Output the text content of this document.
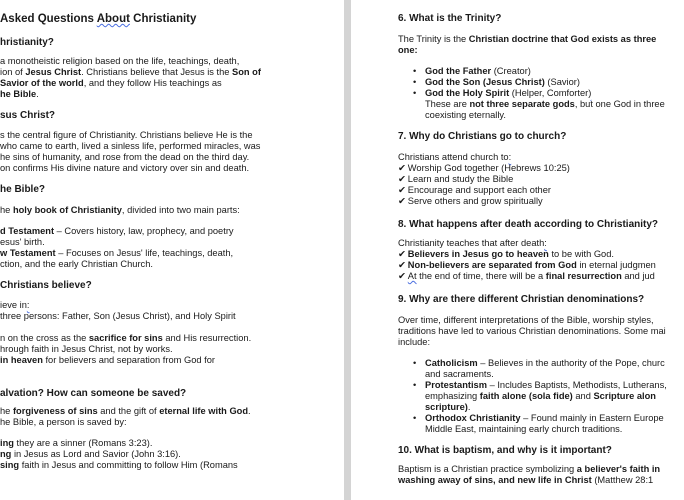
Asked Questions About Christianity
hristianity?
a monotheistic religion based on the life, teachings, death,
ion of Jesus Christ. Christians believe that Jesus is the Son of
Savior of the world, and they follow His teachings as
he Bible.
sus Christ?
s the central figure of Christianity. Christians believe He is the
who came to earth, lived a sinless life, performed miracles, was
he sins of humanity, and rose from the dead on the third day.
on confirms His divine nature and victory over sin and death.
he Bible?
he holy book of Christianity, divided into two main parts:
d Testament – Covers history, law, prophecy, and poetry
esus' birth.
w Testament – Focuses on Jesus' life, teachings, death,
ction, and the early Christian Church.
Christians believe?
ieve in:
three persons: Father, Son (Jesus Christ), and Holy Spirit
n on the cross as the sacrifice for sins and His resurrection.
hrough faith in Jesus Christ, not by works.
in heaven for believers and separation from God for
alvation? How can someone be saved?
he forgiveness of sins and the gift of eternal life with God.
he Bible, a person is saved by:
ing they are a sinner (Romans 3:23).
ng in Jesus as Lord and Savior (John 3:16).
sing faith in Jesus and committing to follow Him (Romans
6. What is the Trinity?
The Trinity is the Christian doctrine that God exists as three
one:
• God the Father (Creator)
• God the Son (Jesus Christ) (Savior)
• God the Holy Spirit (Helper, Comforter)
These are not three separate gods, but one God in three
coexisting eternally.
7. Why do Christians go to church?
Christians attend church to:
✔ Worship God together (Hebrews 10:25)
✔ Learn and study the Bible
✔ Encourage and support each other
✔ Serve others and grow spiritually
8. What happens after death according to Christianity?
Christianity teaches that after death:
✔ Believers in Jesus go to heaven to be with God.
✔ Non-believers are separated from God in eternal judgmen
✔ At the end of time, there will be a final resurrection and jud
9. Why are there different Christian denominations?
Over time, different interpretations of the Bible, worship styles,
traditions have led to various Christian denominations. Some mai
include:
• Catholicism – Believes in the authority of the Pope, churc
and sacraments.
• Protestantism – Includes Baptists, Methodists, Lutherans,
emphasizing faith alone (sola fide) and Scripture alon
scripture).
• Orthodox Christianity – Found mainly in Eastern Europe
Middle East, maintaining early church traditions.
10. What is baptism, and why is it important?
Baptism is a Christian practice symbolizing a believer's faith in
washing away of sins, and new life in Christ (Matthew 28:1
